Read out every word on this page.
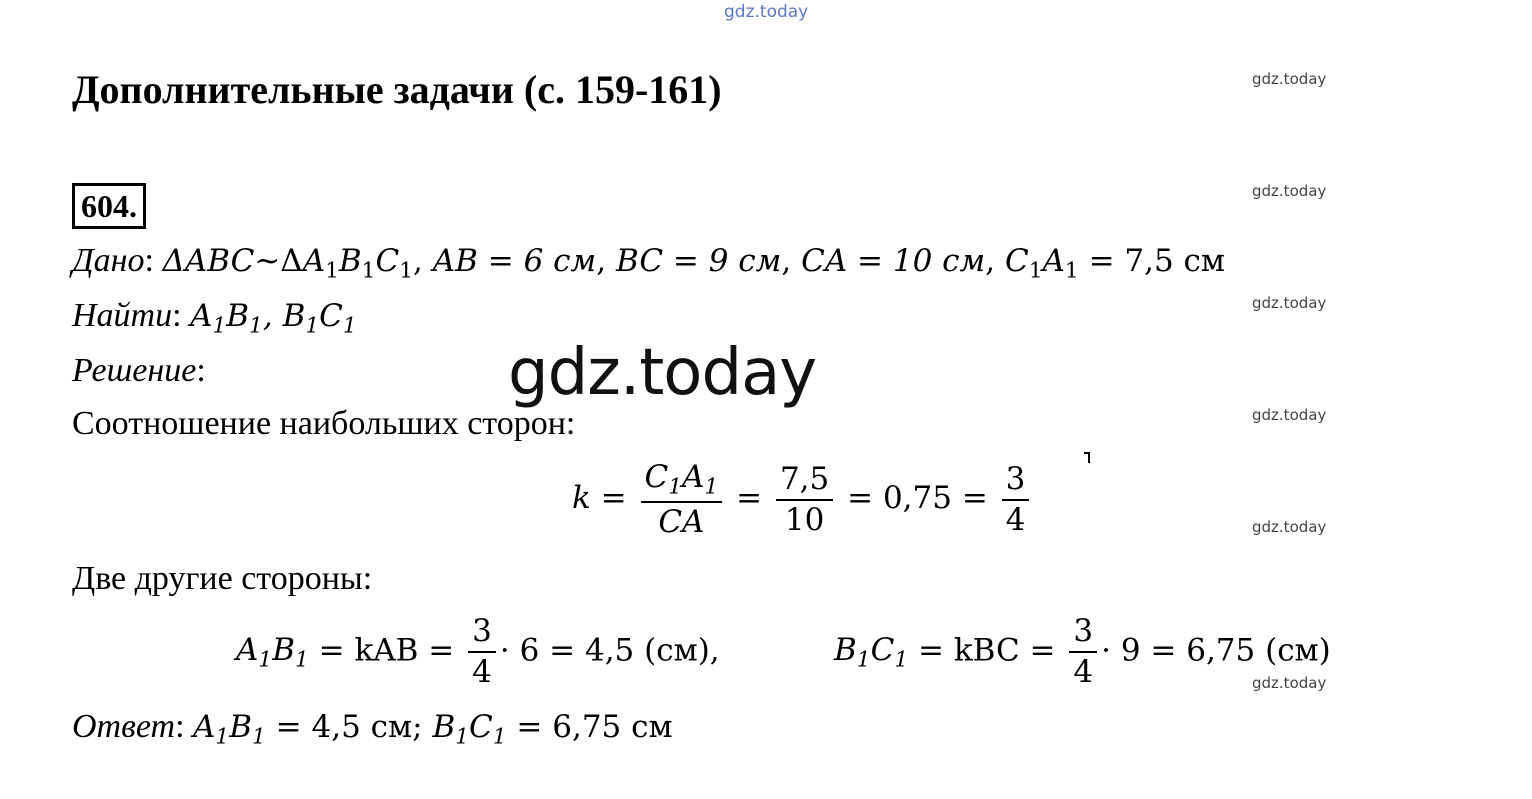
gdz.today
gdz.today
gdz.today
gdz.today
gdz.today
gdz.today
gdz.today
Дополнительные задачи (с. 159-161)
604.
Дано: $\Delta ABC\sim\Delta A_1B_1C_1$, AB = 6 см, BC = 9 см, CA = 10 см, $C_1A_1 = 7,5$ см
Найти: $A_1B_1$, $B_1C_1$
Решение:	gdz.today
Соотношение наибольших сторон:
$k = \frac{C_1A_1}{CA} = \frac{7,5}{10} = 0,75 = \frac{3}{4}$
Две другие стороны:
$A_1B_1$ = kAB = $\frac{3}{4} \cdot 6 = 4,5$ (см),	$B_1C_1$ = kBC = $\frac{3}{4} \cdot 9 = 6,75$ (см)
Ответ: $A_1B_1 = 4,5$ см; $B_1C_1 = 6,75$ см
